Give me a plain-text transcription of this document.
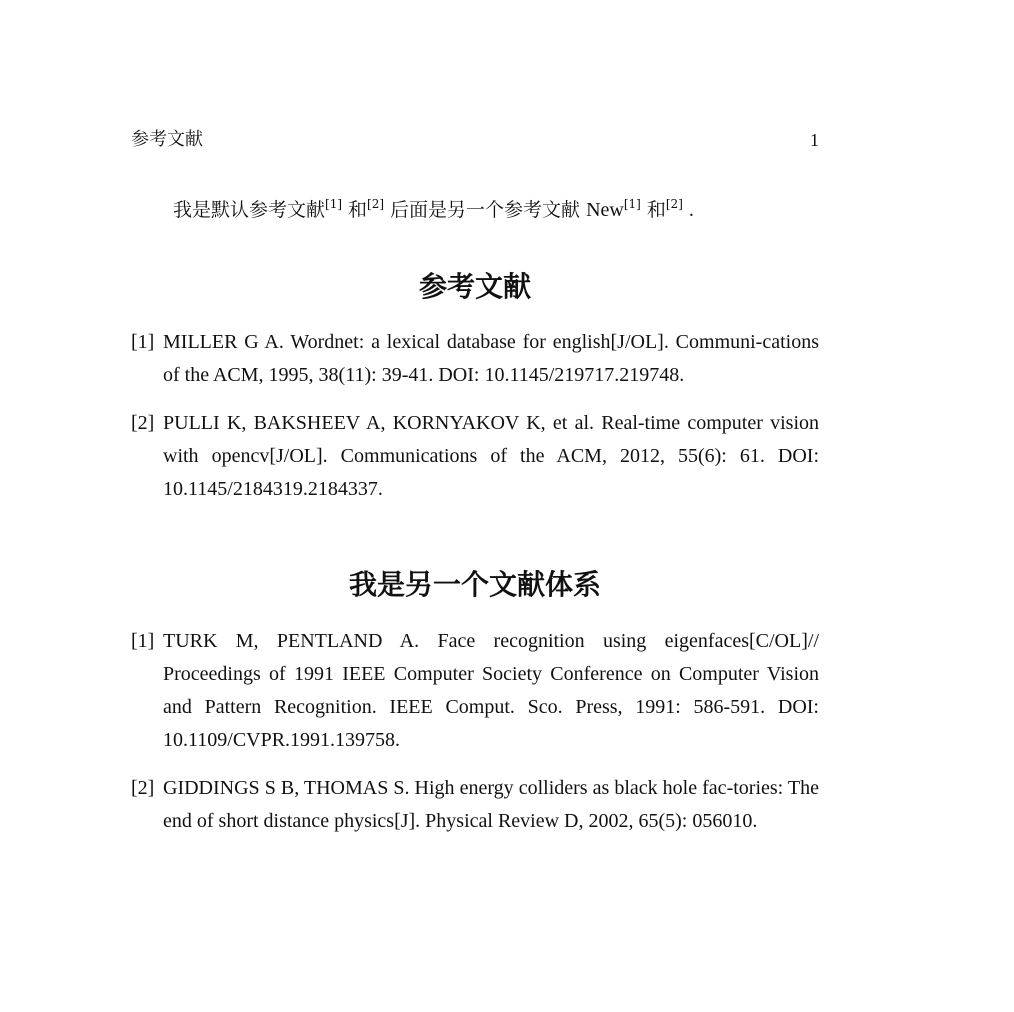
参考文献	1

我是默认参考文献[1] 和[2] 后面是另一个参考文献 New[1] 和[2] .

参考文献
[1] MILLER G A. Wordnet: a lexical database for english[J/OL]. Communi-cations of the ACM, 1995, 38(11): 39-41. DOI: 10.1145/219717.219748.
[2] PULLI K, BAKSHEEV A, KORNYAKOV K, et al. Real-time computer vision with opencv[J/OL]. Communications of the ACM, 2012, 55(6): 61. DOI: 10.1145/2184319.2184337.
我是另一个文献体系
[1] TURK M, PENTLAND A. Face recognition using eigenfaces[C/OL]// Proceedings of 1991 IEEE Computer Society Conference on Computer Vision and Pattern Recognition. IEEE Comput. Sco. Press, 1991: 586-591. DOI: 10.1109/CVPR.1991.139758.
[2] GIDDINGS S B, THOMAS S. High energy colliders as black hole fac-tories: The end of short distance physics[J]. Physical Review D, 2002, 65(5): 056010.
